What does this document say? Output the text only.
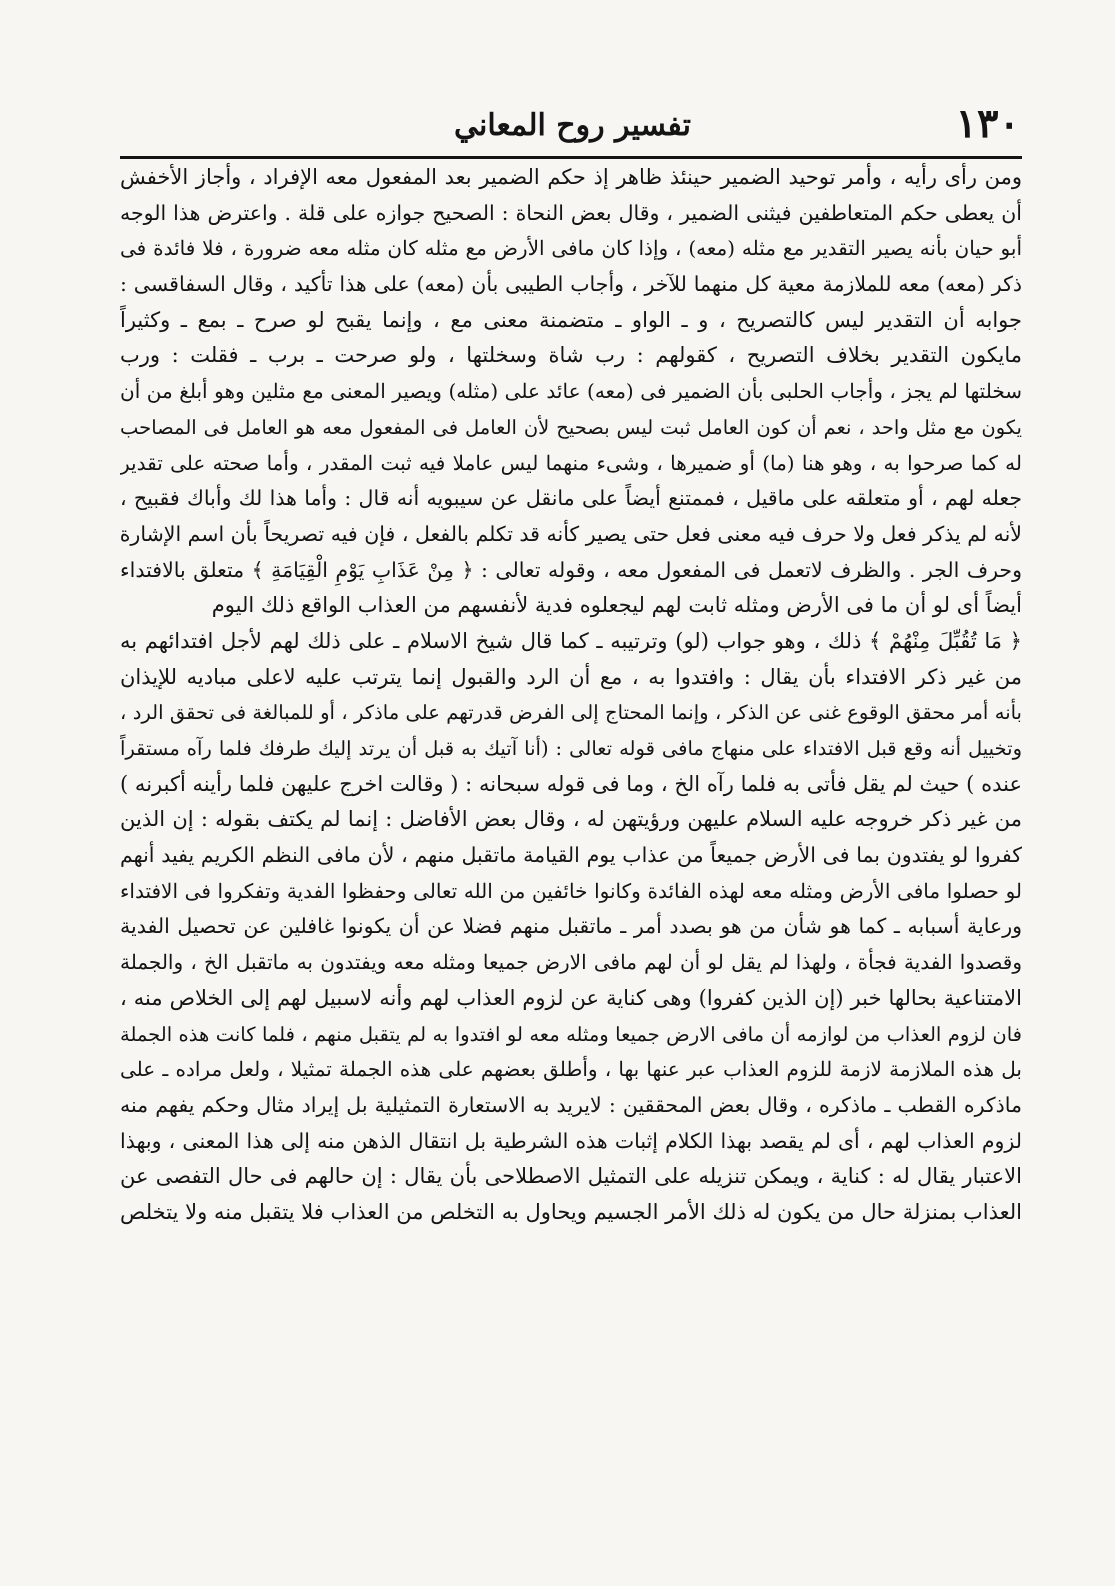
١٣٠
تفسير روح المعاني
ومن رأى رأيه ، وأمر توحيد الضمير حينئذ ظاهر إذ حكم الضمير بعد المفعول معه الإفراد ، وأجاز الأخفش
أن يعطى حكم المتعاطفين فيثنى الضمير ، وقال بعض النحاة : الصحيح جوازه على قلة . واعترض هذا الوجه
أبو حيان بأنه يصير التقدير مع مثله (معه) ، وإذا كان مافى الأرض مع مثله كان مثله معه ضرورة ، فلا فائدة فى
ذكر (معه) معه للملازمة معية كل منهما للآخر ، وأجاب الطيبى بأن (معه) على هذا تأكيد ، وقال السفاقسى :
جوابه أن التقدير ليس كالتصريح ، و ـ الواو ـ متضمنة معنى مع ، وإنما يقبح لو صرح ـ بمع ـ وكثيراً
مايكون التقدير بخلاف التصريح ، كقولهم : رب شاة وسخلتها ، ولو صرحت ـ برب ـ فقلت : ورب
سخلتها لم يجز ، وأجاب الحلبى بأن الضمير فى (معه) عائد على (مثله) ويصير المعنى مع مثلين وهو أبلغ من أن
يكون مع مثل واحد ، نعم أن كون العامل ثبت ليس بصحيح لأن العامل فى المفعول معه هو العامل فى المصاحب
له كما صرحوا به ، وهو هنا (ما) أو ضميرها ، وشىء منهما ليس عاملا فيه ثبت المقدر ، وأما صحته على تقدير
جعله لهم ، أو متعلقه على ماقيل ، فممتنع أيضاً على مانقل عن سيبويه أنه قال : وأما هذا لك وأباك فقبيح ،
لأنه لم يذكر فعل ولا حرف فيه معنى فعل حتى يصير كأنه قد تكلم بالفعل ، فإن فيه تصريحاً بأن اسم الإشارة
وحرف الجر . والظرف لاتعمل فى المفعول معه ، وقوله تعالى : ﴿ مِنْ عَذَابِ يَوْمِ الْقِيَامَةِ ﴾ متعلق بالافتداء
أيضاً أى لو أن ما فى الأرض ومثله ثابت لهم ليجعلوه فدية لأنفسهم من العذاب الواقع ذلك اليوم
﴿ مَا تُقُبِّلَ مِنْهُمْ ﴾ ذلك ، وهو جواب (لو) وترتيبه ـ كما قال شيخ الاسلام ـ على ذلك لهم لأجل افتدائهم به
من غير ذكر الافتداء بأن يقال : وافتدوا به ، مع أن الرد والقبول إنما يترتب عليه لاعلى مباديه للإيذان
بأنه أمر محقق الوقوع غنى عن الذكر ، وإنما المحتاج إلى الفرض قدرتهم على ماذكر ، أو للمبالغة فى تحقق الرد ،
وتخييل أنه وقع قبل الافتداء على منهاج مافى قوله تعالى : (أنا آتيك به قبل أن يرتد إليك طرفك فلما رآه مستقراً
عنده ) حيث لم يقل فأتى به فلما رآه الخ ، وما فى قوله سبحانه : ( وقالت اخرج عليهن فلما رأينه أكبرنه )
من غير ذكر خروجه عليه السلام عليهن ورؤيتهن له ، وقال بعض الأفاضل : إنما لم يكتف بقوله : إن الذين
كفروا لو يفتدون بما فى الأرض جميعاً من عذاب يوم القيامة ماتقبل منهم ، لأن مافى النظم الكريم يفيد أنهم
لو حصلوا مافى الأرض ومثله معه لهذه الفائدة وكانوا خائفين من الله تعالى وحفظوا الفدية وتفكروا فى الافتداء
ورعاية أسبابه ـ كما هو شأن من هو بصدد أمر ـ ماتقبل منهم فضلا عن أن يكونوا غافلين عن تحصيل الفدية
وقصدوا الفدية فجأة ، ولهذا لم يقل لو أن لهم مافى الارض جميعا ومثله معه ويفتدون به ماتقبل الخ ، والجملة
الامتناعية بحالها خبر (إن الذين كفروا) وهى كناية عن لزوم العذاب لهم وأنه لاسبيل لهم إلى الخلاص منه ،
فان لزوم العذاب من لوازمه أن مافى الارض جميعا ومثله معه لو افتدوا به لم يتقبل منهم ، فلما كانت هذه الجملة
بل هذه الملازمة لازمة للزوم العذاب عبر عنها بها ، وأطلق بعضهم على هذه الجملة تمثيلا ، ولعل مراده ـ على
ماذكره القطب ـ ماذكره ، وقال بعض المحققين : لايريد به الاستعارة التمثيلية بل إيراد مثال وحكم يفهم منه
لزوم العذاب لهم ، أى لم يقصد بهذا الكلام إثبات هذه الشرطية بل انتقال الذهن منه إلى هذا المعنى ، وبهذا
الاعتبار يقال له : كناية ، ويمكن تنزيله على التمثيل الاصطلاحى بأن يقال : إن حالهم فى حال التفصى عن
العذاب بمنزلة حال من يكون له ذلك الأمر الجسيم ويحاول به التخلص من العذاب فلا يتقبل منه ولا يتخلص
